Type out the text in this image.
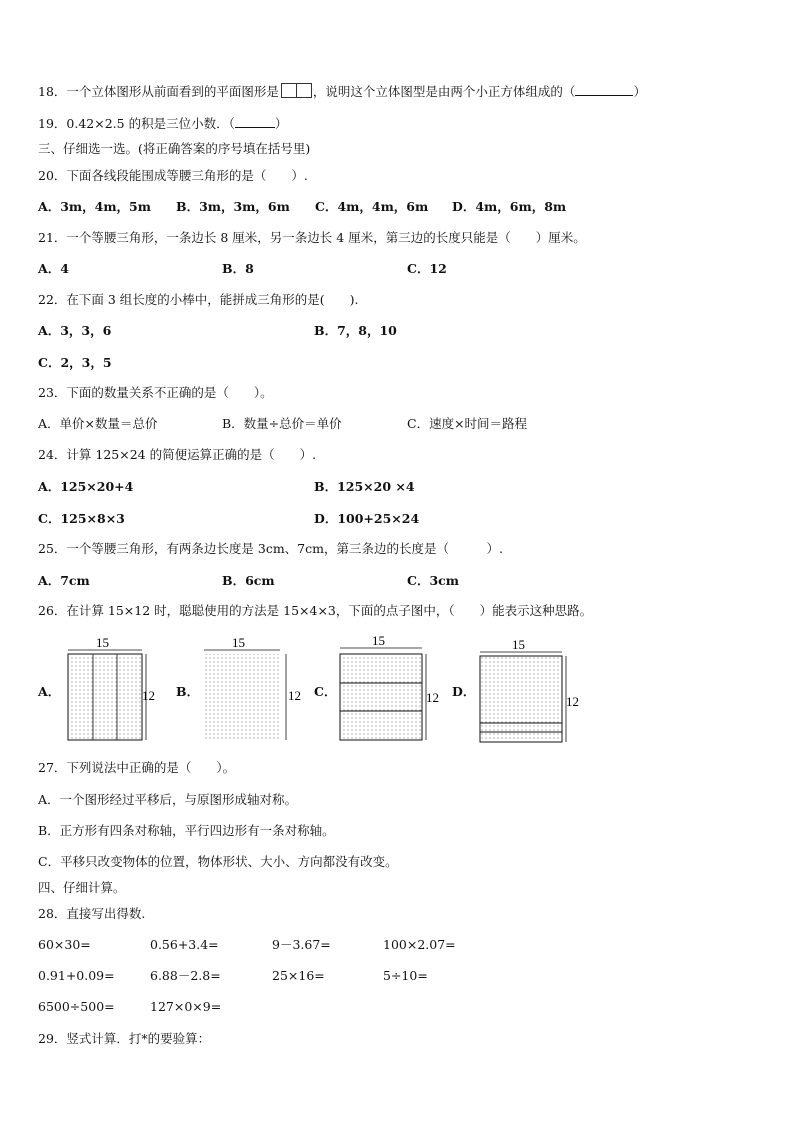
18．一个立体图形从前面看到的平面图形是	，说明这个立体图型是由两个小正方体组成的（	）
19．0.42×2.5 的积是三位小数．（	）
三、仔细选一选。(将正确答案的序号填在括号里)
20．下面各线段能围成等腰三角形的是（　　）.
A．3m，4m，5m B．3m，3m，6m C．4m，4m，6m D．4m，6m，8m
21．一个等腰三角形，一条边长 8 厘米，另一条边长 4 厘米，第三边的长度只能是（　　）厘米。
A．4	B．8	C．12
22．在下面 3 组长度的小棒中，能拼成三角形的是(　　).
A．3，3，6	B．7，8，10
C．2，3，5
23．下面的数量关系不正确的是（　　）。
A．单价×数量＝总价	B．数量÷总价＝单价	C．速度×时间＝路程
24．计算 125×24 的简便运算正确的是（　　）.
A．125×20+4	B．125×20 ×4
C．125×8×3	D．100+25×24
25．一个等腰三角形，有两条边长度是 3cm、7cm，第三条边的长度是（　　　）.
A．7cm	B．6cm	C．3cm
26．在计算 15×12 时，聪聪使用的方法是 15×4×3，下面的点子图中，（　　）能表示这种思路。
A．
15
12 B．
15
12 C．
15
12 D．
15
12
27．下列说法中正确的是（　　）。
A．一个图形经过平移后，与原图形成轴对称。
B．正方形有四条对称轴，平行四边形有一条对称轴。
C．平移只改变物体的位置，物体形状、大小、方向都没有改变。
四、仔细计算。
28．直接写出得数.
60×30=	0.56+3.4=	9－3.67=	100×2.07=
0.91+0.09=	6.88－2.8=	25×16=	5÷10=
6500÷500=	127×0×9=
29．竖式计算．打*的要验算：
